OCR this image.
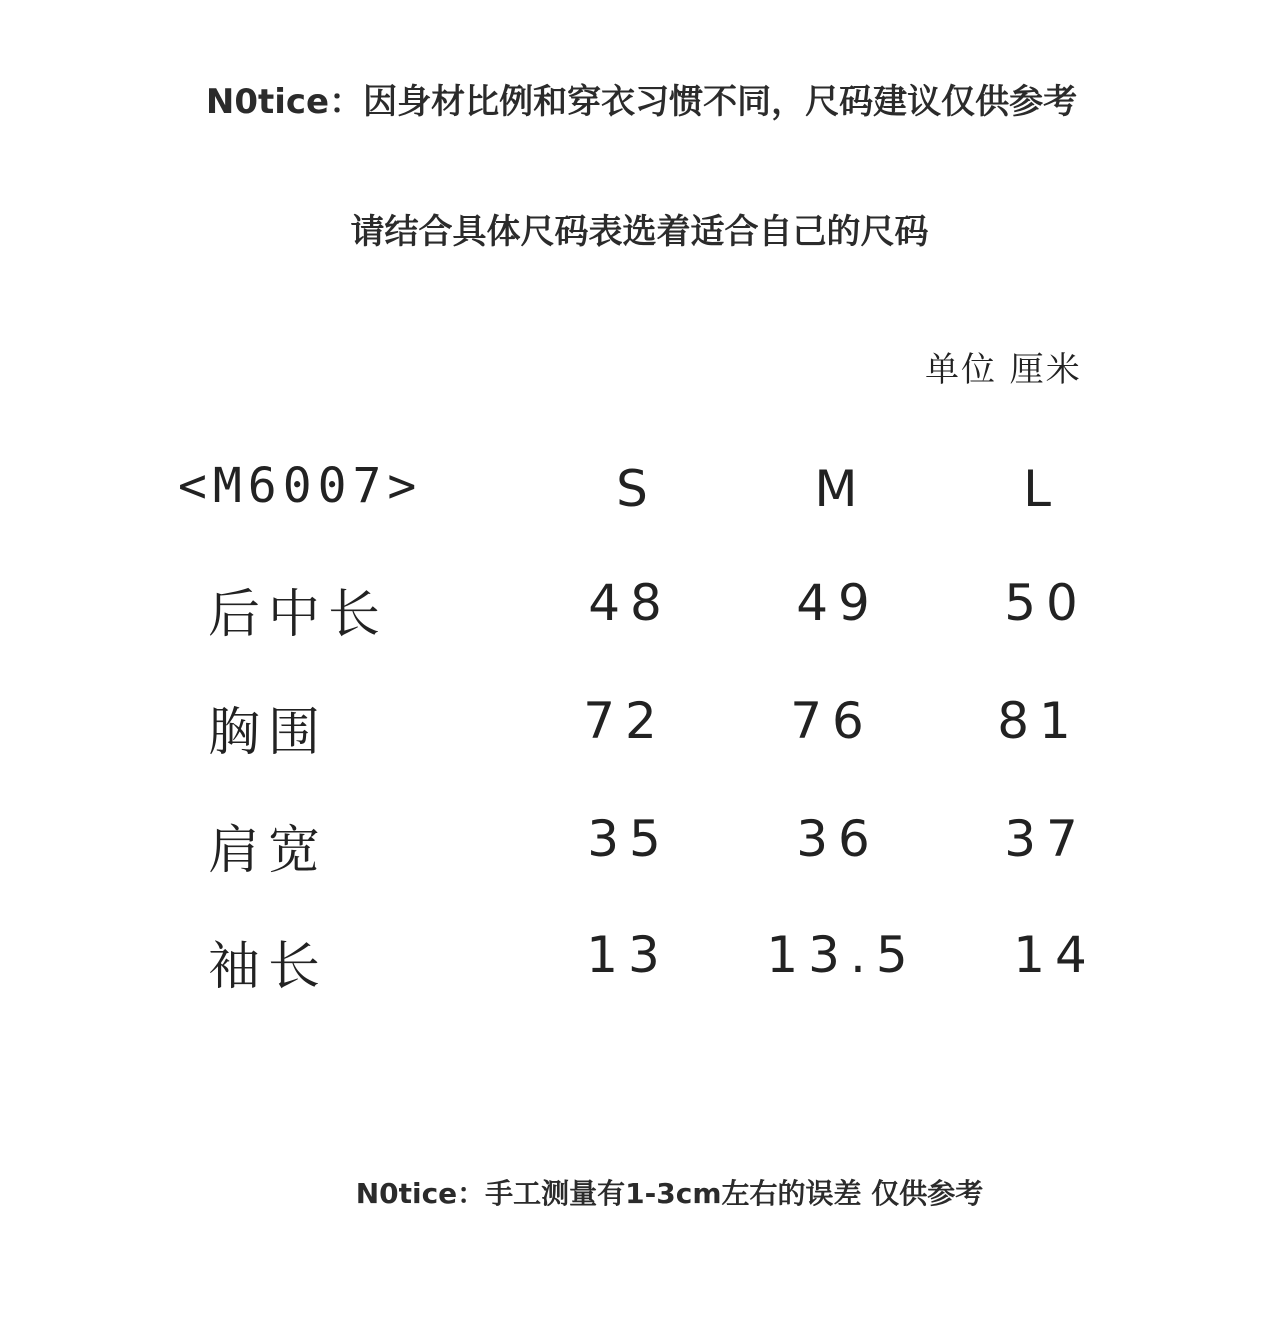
N0tice：因身材比例和穿衣习惯不同，尺码建议仅供参考
请结合具体尺码表选着适合自己的尺码
单位 厘米
<M6007>	S	M	L
后中长	48 49 50
胸围	72 76 81
肩宽	35	36 37
袖长	13 13.5 14
N0tice：手工测量有1-3cm左右的误差 仅供参考
